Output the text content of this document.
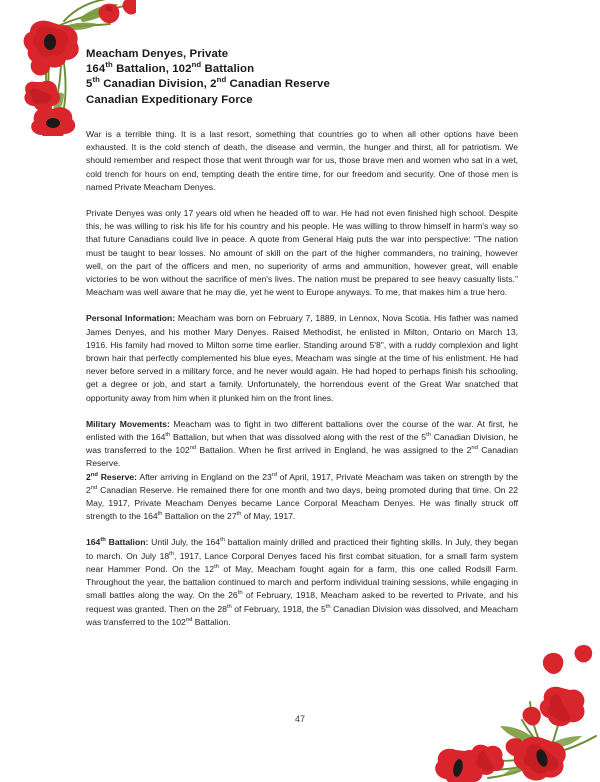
Meacham Denyes, Private
164th Battalion, 102nd Battalion
5th Canadian Division, 2nd Canadian Reserve
Canadian Expeditionary Force

War is a terrible thing. It is a last resort, something that countries go to when all other options have been exhausted. It is the cold stench of death, the disease and vermin, the hunger and thirst, all for patriotism. We should remember and respect those that went through war for us, those brave men and women who sat in a wet, cold trench for hours on end, tempting death the entire time, for our freedom and security. One of those men is named Private Meacham Denyes.

Private Denyes was only 17 years old when he headed off to war. He had not even finished high school. Despite this, he was willing to risk his life for his country and his people. He was willing to throw himself in harm's way so that future Canadians could live in peace. A quote from General Haig puts the war into perspective: "The nation must be taught to bear losses. No amount of skill on the part of the higher commanders, no training, however well, on the part of the officers and men, no superiority of arms and ammunition, however great, will enable victories to be won without the sacrifice of men's lives. The nation must be prepared to see heavy casualty lists." Meacham was well aware that he may die, yet he went to Europe anyways. To me, that makes him a true hero.

Personal Information: Meacham was born on February 7, 1889, in Lennox, Nova Scotia. His father was named James Denyes, and his mother Mary Denyes. Raised Methodist, he enlisted in Milton, Ontario on March 13, 1916. His family had moved to Milton some time earlier. Standing around 5'8", with a ruddy complexion and light brown hair that perfectly complemented his blue eyes, Meacham was single at the time of his enlistment. He had never before served in a military force, and he never would again. He had hoped to perhaps finish his schooling, get a degree or job, and start a family. Unfortunately, the horrendous event of the Great War snatched that opportunity away from him when it plunked him on the front lines.

Military Movements: Meacham was to fight in two different battalions over the course of the war. At first, he enlisted with the 164th Battalion, but when that was dissolved along with the rest of the 5th Canadian Division, he was transferred to the 102nd Battalion. When he first arrived in England, he was assigned to the 2nd Canadian Reserve.

2nd Reserve: After arriving in England on the 23rd of April, 1917, Private Meacham was taken on strength by the 2nd Canadian Reserve. He remained there for one month and two days, being promoted during that time. On 22 May, 1917, Private Meacham Denyes became Lance Corporal Meacham Denyes. He was finally struck off strength to the 164th Battalion on the 27th of May, 1917.

164th Battalion: Until July, the 164th battalion mainly drilled and practiced their fighting skills. In July, they began to march. On July 18th, 1917, Lance Corporal Denyes faced his first combat situation, for a small farm system near Hammer Pond. On the 12th of May, Meacham fought again for a farm, this one called Rodsill Farm. Throughout the year, the battalion continued to march and perform individual training sessions, while engaging in small battles along the way. On the 26th of February, 1918, Meacham asked to be reverted to Private, and his request was granted. Then on the 28th of February, 1918, the 5th Canadian Division was dissolved, and Meacham was transferred to the 102nd Battalion.

47
